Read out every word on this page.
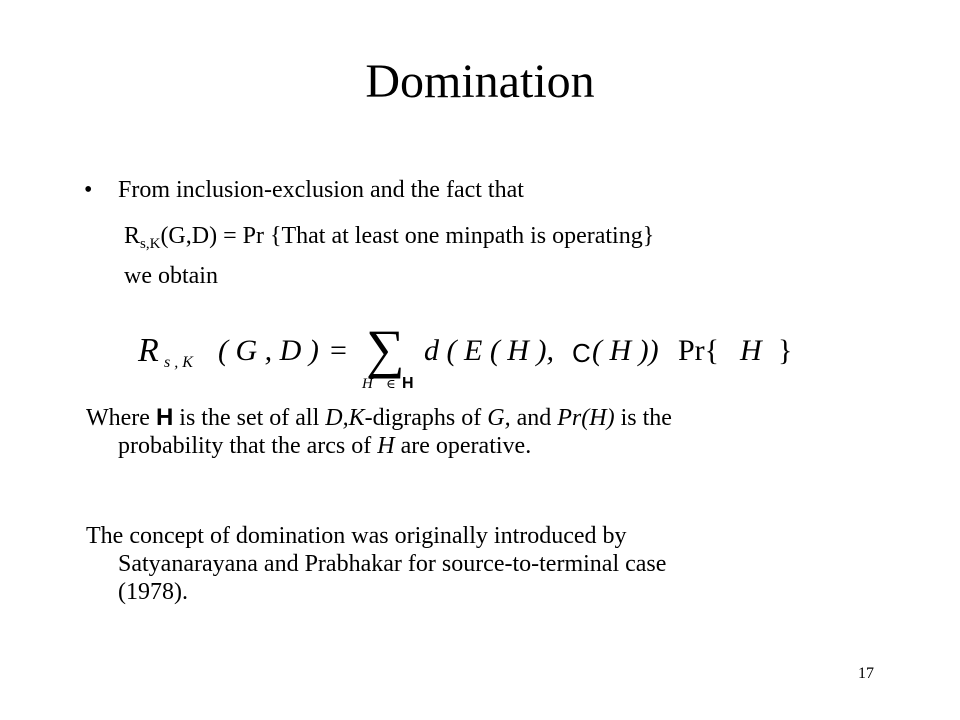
Domination
• From inclusion-exclusion and the fact that
$R_{s,K}(G,D) = Pr$ {That at least one minpath is operating}
we obtain
R s , K ( G , D ) = ∑
H ∈ H
d ( E ( H ), C ( H )) Pr{ H }
Where H is the set of all D,K-digraphs of G, and Pr(H) is the
probability that the arcs of H are operative.
The concept of domination was originally introduced by
Satyanarayana and Prabhakar for source-to-terminal case
(1978).
17
